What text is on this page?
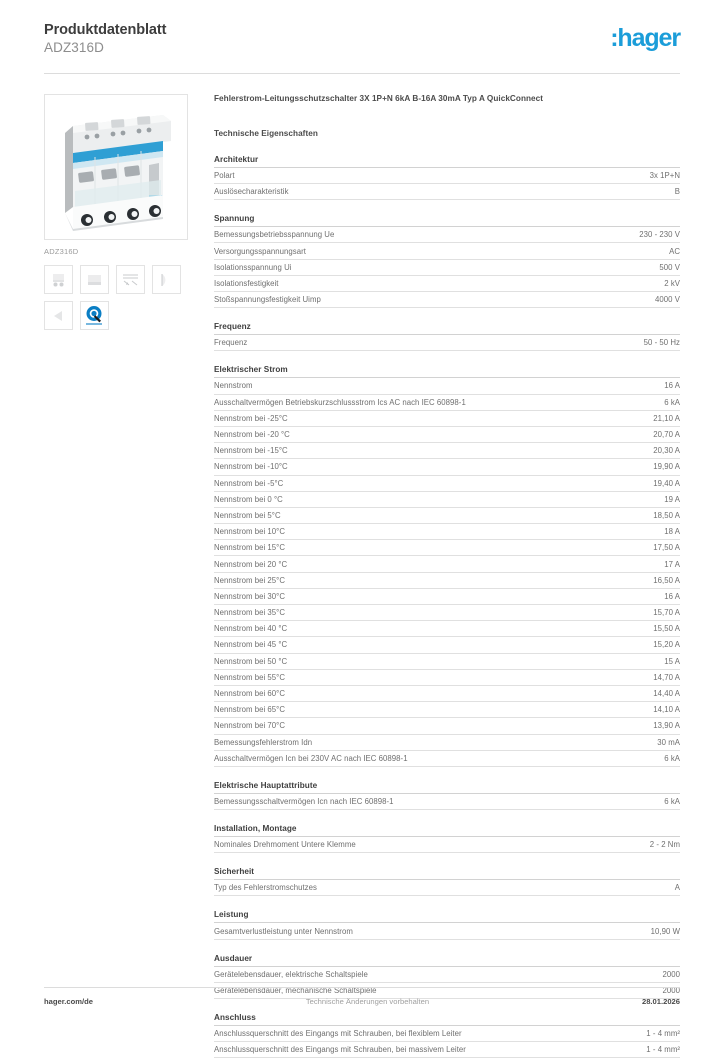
Produktdatenblatt
ADZ316D	:hager
ADZ316D
A
Fehlerstrom-Leitungsschutzschalter 3X 1P+N 6kA B-16A 30mA Typ A QuickConnect
Technische Eigenschaften
Architektur
Polart	3x 1P+N
Auslösecharakteristik	B
Spannung
Bemessungsbetriebsspannung Ue	230 - 230 V
Versorgungsspannungsart	AC
Isolationsspannung Ui	500 V
Isolationsfestigkeit	2 kV
Stoßspannungsfestigkeit Uimp	4000 V
Frequenz
Frequenz	50 - 50 Hz
Elektrischer Strom
Nennstrom	16 A
Ausschaltvermögen Betriebskurzschlussstrom Ics AC nach IEC 60898-1	6 kA
Nennstrom bei -25°C	21,10 A
Nennstrom bei -20 °C	20,70 A
Nennstrom bei -15°C	20,30 A
Nennstrom bei -10°C	19,90 A
Nennstrom bei -5°C	19,40 A
Nennstrom bei 0 °C	19 A
Nennstrom bei 5°C	18,50 A
Nennstrom bei 10°C	18 A
Nennstrom bei 15°C	17,50 A
Nennstrom bei 20 °C	17 A
Nennstrom bei 25°C	16,50 A
Nennstrom bei 30°C	16 A
Nennstrom bei 35°C	15,70 A
Nennstrom bei 40 °C	15,50 A
Nennstrom bei 45 °C	15,20 A
Nennstrom bei 50 °C	15 A
Nennstrom bei 55°C	14,70 A
Nennstrom bei 60°C	14,40 A
Nennstrom bei 65°C	14,10 A
Nennstrom bei 70°C	13,90 A
Bemessungsfehlerstrom Idn	30 mA
Ausschaltvermögen Icn bei 230V AC nach IEC 60898-1	6 kA
Elektrische Hauptattribute
Bemessungsschaltvermögen Icn nach IEC 60898-1	6 kA
Installation, Montage
Nominales Drehmoment Untere Klemme	2 - 2 Nm
Sicherheit
Typ des Fehlerstromschutzes	A
Leistung
Gesamtverlustleistung unter Nennstrom	10,90 W
Ausdauer
Gerätelebensdauer, elektrische Schaltspiele	2000
Gerätelebensdauer, mechanische Schaltspiele	2000
Anschluss
Anschlussquerschnitt des Eingangs mit Schrauben, bei flexiblem Leiter	1 - 4 mm²
Anschlussquerschnitt des Eingangs mit Schrauben, bei massivem Leiter	1 - 4 mm²
hager.com/de	Technische Änderungen vorbehalten	28.01.2026
